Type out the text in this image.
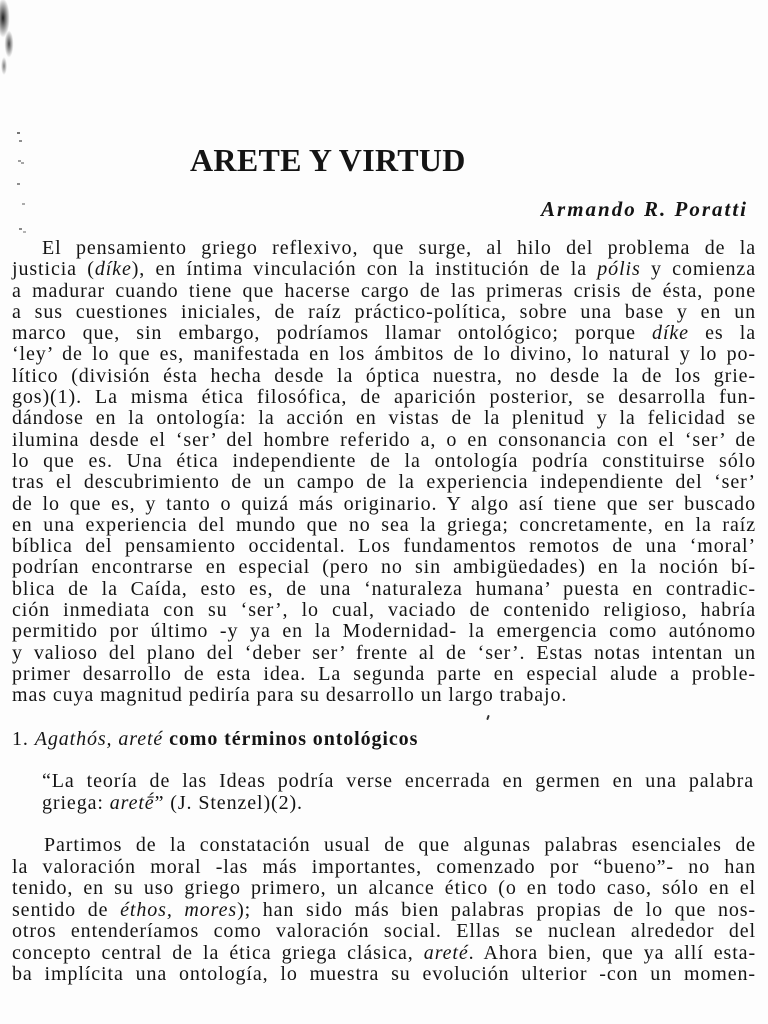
ARETE Y VIRTUD
Armando R. Poratti
El pensamiento griego reflexivo, que surge, al hilo del problema de la
justicia (díke), en íntima vinculación con la institución de la pólis y comienza
a madurar cuando tiene que hacerse cargo de las primeras crisis de ésta, pone
a sus cuestiones iniciales, de raíz práctico-política, sobre una base y en un
marco que, sin embargo, podríamos llamar ontológico; porque díke es la
‘ley’ de lo que es, manifestada en los ámbitos de lo divino, lo natural y lo po-
lítico (división ésta hecha desde la óptica nuestra, no desde la de los grie-
gos)(1). La misma ética filosófica, de aparición posterior, se desarrolla fun-
dándose en la ontología: la acción en vistas de la plenitud y la felicidad se
ilumina desde el ‘ser’ del hombre referido a, o en consonancia con el ‘ser’ de
lo que es. Una ética independiente de la ontología podría constituirse sólo
tras el descubrimiento de un campo de la experiencia independiente del ‘ser’
de lo que es, y tanto o quizá más originario. Y algo así tiene que ser buscado
en una experiencia del mundo que no sea la griega; concretamente, en la raíz
bíblica del pensamiento occidental. Los fundamentos remotos de una ‘moral’
podrían encontrarse en especial (pero no sin ambigüedades) en la noción bí-
blica de la Caída, esto es, de una ‘naturaleza humana’ puesta en contradic-
ción inmediata con su ‘ser’, lo cual, vaciado de contenido religioso, habría
permitido por último -y ya en la Modernidad- la emergencia como autónomo
y valioso del plano del ‘deber ser’ frente al de ‘ser’. Estas notas intentan un
primer desarrollo de esta idea. La segunda parte en especial alude a proble-
mas cuya magnitud pediría para su desarrollo un largo trabajo.
1. Agathós, areté como términos ontológicos
“La teoría de las Ideas podría verse encerrada en germen en una palabra
griega: aretḗ” (J. Stenzel)(2).
Partimos de la constatación usual de que algunas palabras esenciales de
la valoración moral -las más importantes, comenzado por “bueno”- no han
tenido, en su uso griego primero, un alcance ético (o en todo caso, sólo en el
sentido de éthos, mores); han sido más bien palabras propias de lo que nos-
otros entenderíamos como valoración social. Ellas se nuclean alrededor del
concepto central de la ética griega clásica, areté. Ahora bien, que ya allí esta-
ba implícita una ontología, lo muestra su evolución ulterior -con un momen-
